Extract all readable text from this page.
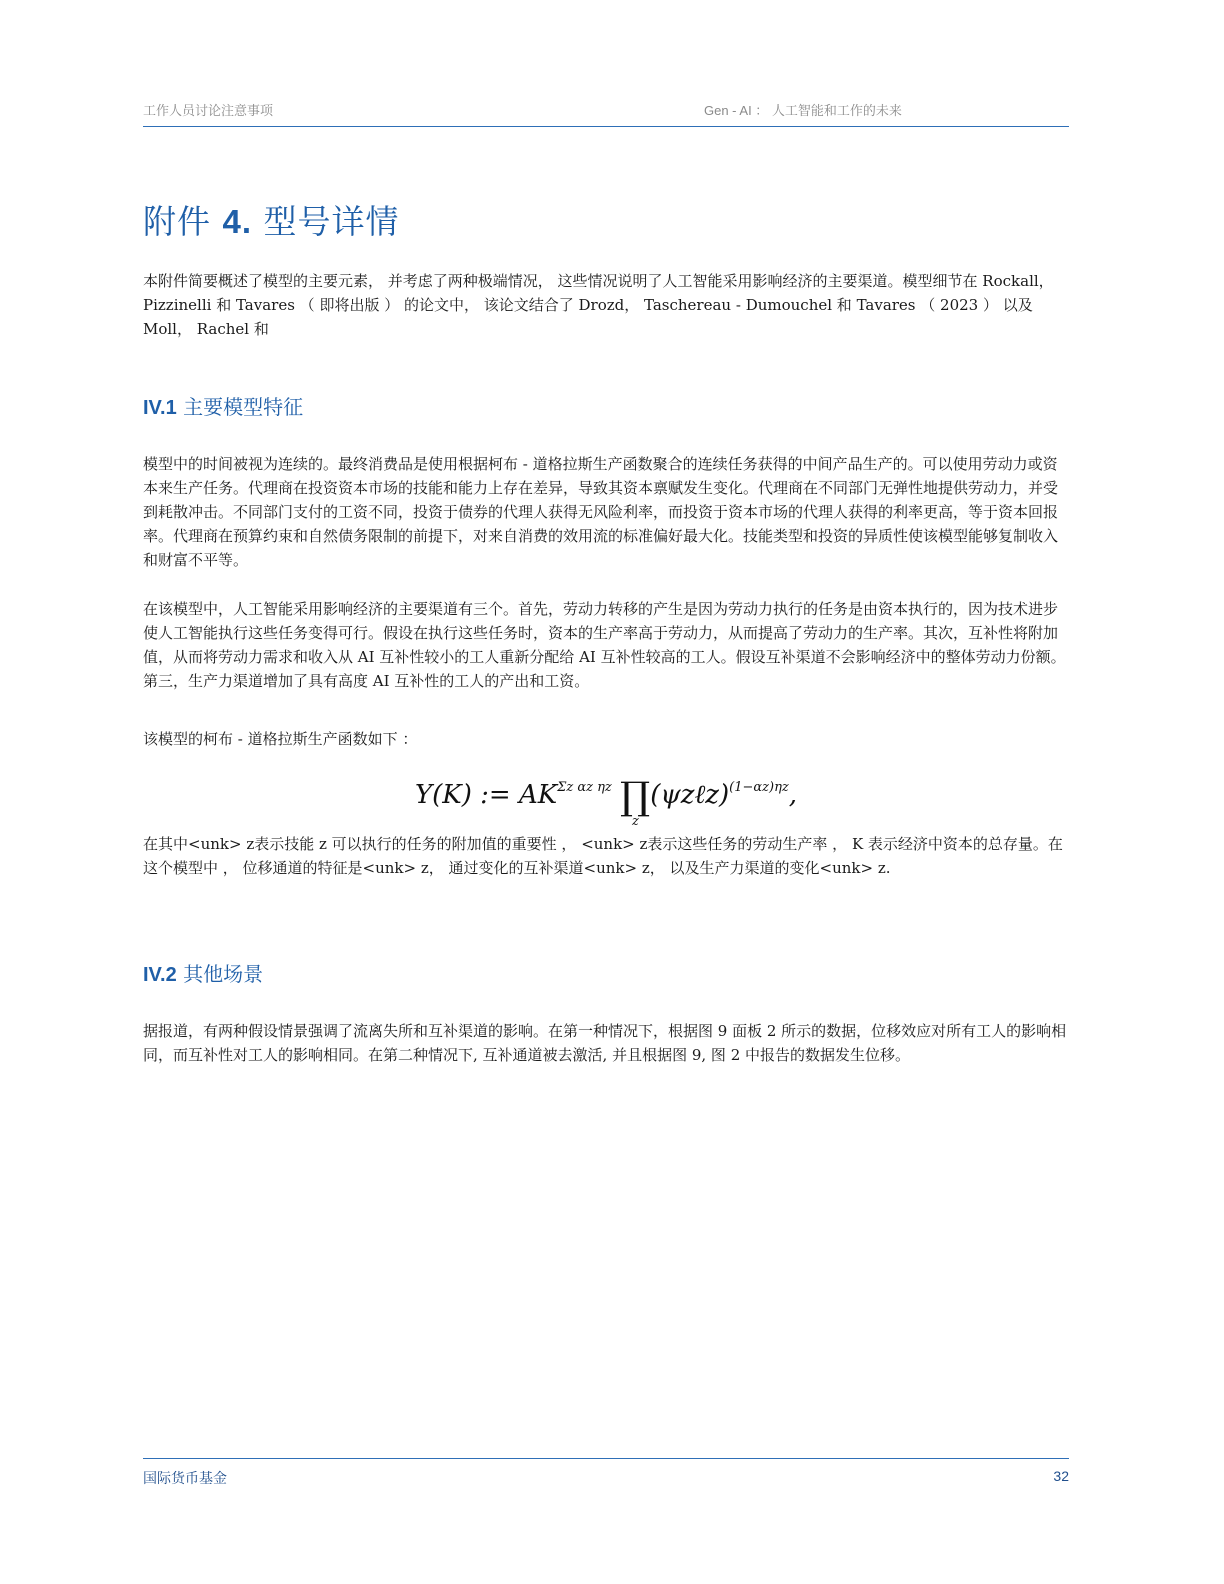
工作人员讨论注意事项	Gen - AI ： 人工智能和工作的未来
附件 4. 型号详情

本附件简要概述了模型的主要元素， 并考虑了两种极端情况， 这些情况说明了人工智能采用影响经济的主要渠道。模型细节在 Rockall， Pizzinelli 和 Tavares （ 即将出版 ） 的论文中， 该论文结合了 Drozd， Taschereau - Dumouchel 和 Tavares （ 2023 ） 以及 Moll， Rachel 和

IV.1 主要模型特征

模型中的时间被视为连续的。最终消费品是使用根据柯布 - 道格拉斯生产函数聚合的连续任务获得的中间产品生产的。可以使用劳动力或资本来生产任务。代理商在投资资本市场的技能和能力上存在差异，导致其资本禀赋发生变化。代理商在不同部门无弹性地提供劳动力，并受到耗散冲击。不同部门支付的工资不同，投资于债券的代理人获得无风险利率，而投资于资本市场的代理人获得的利率更高，等于资本回报率。代理商在预算约束和自然债务限制的前提下，对来自消费的效用流的标准偏好最大化。技能类型和投资的异质性使该模型能够复制收入和财富不平等。

在该模型中，人工智能采用影响经济的主要渠道有三个。首先，劳动力转移的产生是因为劳动力执行的任务是由资本执行的，因为技术进步使人工智能执行这些任务变得可行。假设在执行这些任务时，资本的生产率高于劳动力，从而提高了劳动力的生产率。其次，互补性将附加值，从而将劳动力需求和收入从 AI 互补性较小的工人重新分配给 AI 互补性较高的工人。假设互补渠道不会影响经济中的整体劳动力份额。第三，生产力渠道增加了具有高度 AI 互补性的工人的产出和工资。

该模型的柯布 - 道格拉斯生产函数如下 ：

Y(K) := $AK^{\Sigma z \alpha z \eta z}$ ∏(ψzℓz)$^{(1-\alpha z)\eta z}$,
z

在其中<unk> z表示技能 z 可以执行的任务的附加值的重要性 ， <unk> z表示这些任务的劳动生产率 ， K 表示经济中资本的总存量。在这个模型中 ， 位移通道的特征是<unk> z， 通过变化的互补渠道<unk> z， 以及生产力渠道的变化<unk> z.

IV.2 其他场景

据报道，有两种假设情景强调了流离失所和互补渠道的影响。在第一种情况下，根据图 9 面板 2 所示的数据，位移效应对所有工人的影响相同，而互补性对工人的影响相同。在第二种情况下, 互补通道被去激活, 并且根据图 9, 图 2 中报告的数据发生位移。

国际货币基金	32
